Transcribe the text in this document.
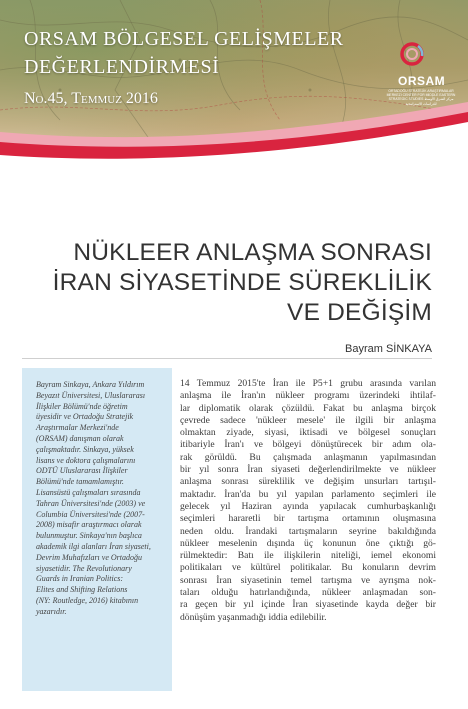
ORSAM BÖLGESEL GELİŞMELER
DEĞERLENDİRMESİ
No.45, Temmuz 2016
ORSAM
ORTADOĞU STRATEJİK ARAŞTIRMALAR MERKEZİ CENTER FOR MIDDLE EASTERN STRATEGIC STUDIES مركز الشرق الأوسط للدراسات الاستراتيجية
NÜKLEER ANLAŞMA SONRASI
İRAN SİYASETİNDE SÜREKLİLİK
VE DEĞİŞİM
Bayram SİNKAYA

Bayram Sinkaya, Ankara Yıldırım
Beyazıt Üniversitesi, Uluslararası
İlişkiler Bölümü'nde öğretim
üyesidir ve Ortadoğu Stratejik
Araştırmalar Merkezi'nde
(ORSAM) danışman olarak
çalışmaktadır. Sinkaya, yüksek
lisans ve doktora çalışmalarını
ODTÜ Uluslararası İlişkiler
Bölümü'nde tamamlamıştır.
Lisansüstü çalışmaları sırasında
Tahran Üniversitesi'nde (2003) ve
Columbia Üniversitesi'nde (2007-
2008) misafir araştırmacı olarak
bulunmuştur. Sinkaya'nın başlıca
akademik ilgi alanları İran siyaseti,
Devrim Muhafızları ve Ortadoğu
siyasetidir. The Revolutionary
Guards in Iranian Politics:
Elites and Shifting Relations
(NY: Routledge, 2016) kitabının
yazarıdır.

14 Temmuz 2015'te İran ile P5+1 grubu arasında varılan
anlaşma ile İran'ın nükleer programı üzerindeki ihtilaf-
lar diplomatik olarak çözüldü. Fakat bu anlaşma birçok
çevrede sadece 'nükleer mesele' ile ilgili bir anlaşma
olmaktan ziyade, siyasi, iktisadi ve bölgesel sonuçları
itibariyle İran'ı ve bölgeyi dönüştürecek bir adım ola-
rak görüldü. Bu çalışmada anlaşmanın yapılmasından
bir yıl sonra İran siyaseti değerlendirilmekte ve nükleer
anlaşma sonrası süreklilik ve değişim unsurları tartışıl-
maktadır. İran'da bu yıl yapılan parlamento seçimleri ile
gelecek yıl Haziran ayında yapılacak cumhurbaşkanlığı
seçimleri hararetli bir tartışma ortamının oluşmasına
neden oldu. İrandaki tartışmaların seyrine bakıldığında
nükleer meselenin dışında üç konunun öne çıktığı gö-
rülmektedir: Batı ile ilişkilerin niteliği, iemel ekonomi
politikaları ve kültürel politikalar. Bu konuların devrim
sonrası İran siyasetinin temel tartışma ve ayrışma nok-
taları olduğu hatırlandığında, nükleer anlaşmadan son-
ra geçen bir yıl içinde İran siyasetinde kayda değer bir
dönüşüm yaşanmadığı iddia edilebilir.
